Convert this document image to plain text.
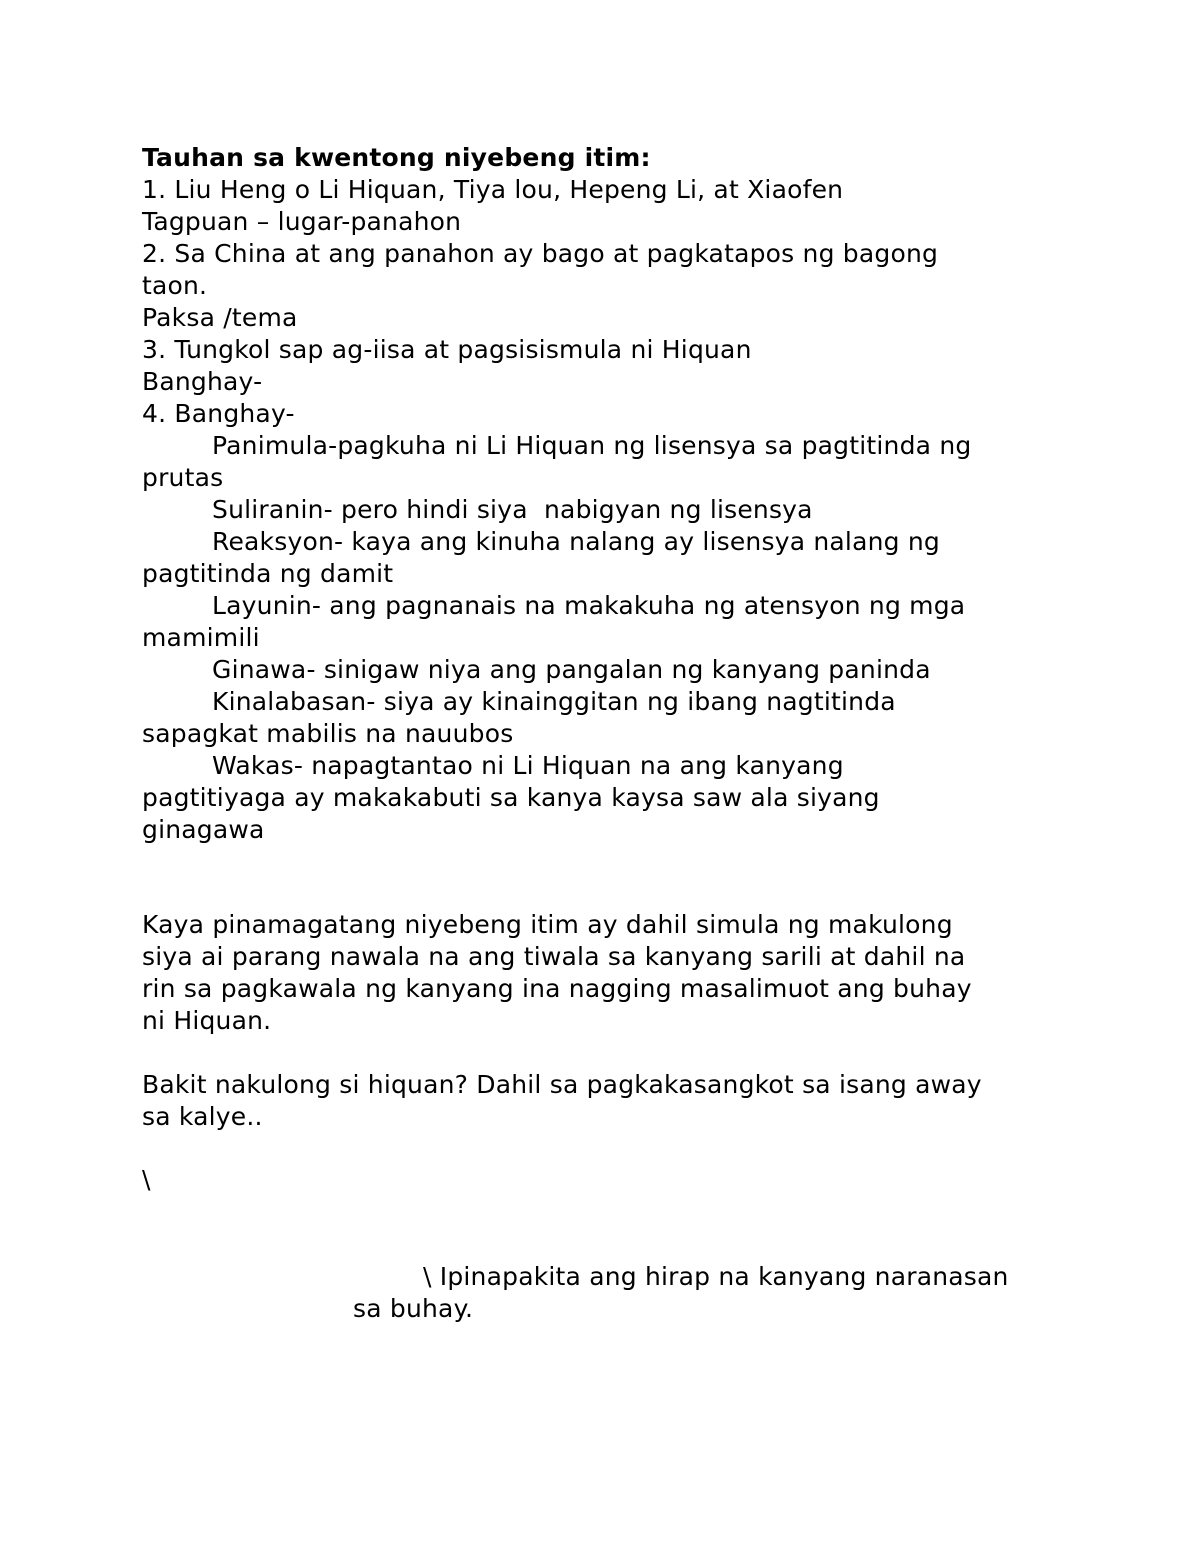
Tauhan sa kwentong niyebeng itim:
1. Liu Heng o Li Hiquan, Tiya lou, Hepeng Li, at Xiaofen
Tagpuan – lugar-panahon
2. Sa China at ang panahon ay bago at pagkatapos ng bagong
taon.
Paksa /tema
3. Tungkol sap ag-iisa at pagsisismula ni Hiquan
Banghay-
4. Banghay-
Panimula-pagkuha ni Li Hiquan ng lisensya sa pagtitinda ng
prutas
Suliranin- pero hindi siya  nabigyan ng lisensya
Reaksyon- kaya ang kinuha nalang ay lisensya nalang ng
pagtitinda ng damit
Layunin- ang pagnanais na makakuha ng atensyon ng mga
mamimili
Ginawa- sinigaw niya ang pangalan ng kanyang paninda
Kinalabasan- siya ay kinainggitan ng ibang nagtitinda
sapagkat mabilis na nauubos
Wakas- napagtantao ni Li Hiquan na ang kanyang
pagtitiyaga ay makakabuti sa kanya kaysa saw ala siyang
ginagawa
Kaya pinamagatang niyebeng itim ay dahil simula ng makulong
siya ai parang nawala na ang tiwala sa kanyang sarili at dahil na
rin sa pagkawala ng kanyang ina nagging masalimuot ang buhay
ni Hiquan.
Bakit nakulong si hiquan? Dahil sa pagkakasangkot sa isang away
sa kalye..
\
\ Ipinapakita ang hirap na kanyang naranasan
sa buhay.
